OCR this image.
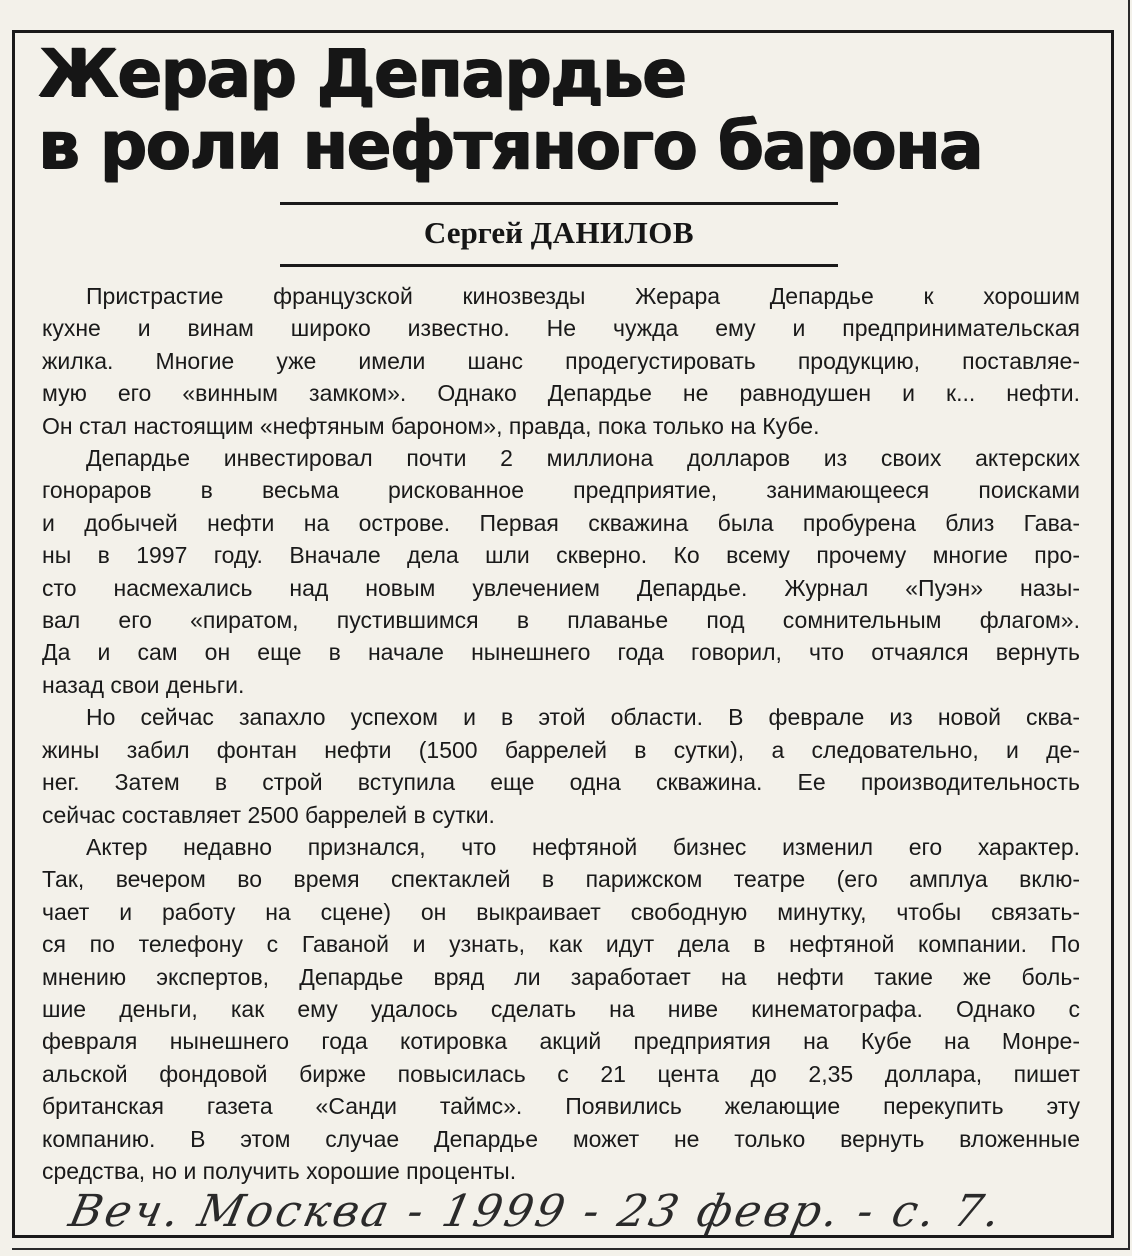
Жерар Депардье
в роли нефтяного барона
Сергей ДАНИЛОВ

Пристрастие французской кинозвезды Жерара Депардье к хорошим
кухне и винам широко известно. Не чужда ему и предпринимательская
жилка. Многие уже имели шанс продегустировать продукцию, поставляе-
мую его «винным замком». Однако Депардье не равнодушен и к... нефти.
Он стал настоящим «нефтяным бароном», правда, пока только на Кубе.

Депардье инвестировал почти 2 миллиона долларов из своих актерских
гонораров в весьма рискованное предприятие, занимающееся поисками
и добычей нефти на острове. Первая скважина была пробурена близ Гава-
ны в 1997 году. Вначале дела шли скверно. Ко всему прочему многие про-
сто насмехались над новым увлечением Депардье. Журнал «Пуэн» назы-
вал его «пиратом, пустившимся в плаванье под сомнительным флагом».
Да и сам он еще в начале нынешнего года говорил, что отчаялся вернуть
назад свои деньги.

Но сейчас запахло успехом и в этой области. В феврале из новой сква-
жины забил фонтан нефти (1500 баррелей в сутки), а следовательно, и де-
нег. Затем в строй вступила еще одна скважина. Ее производительность
сейчас составляет 2500 баррелей в сутки.

Актер недавно признался, что нефтяной бизнес изменил его характер.
Так, вечером во время спектаклей в парижском театре (его амплуа вклю-
чает и работу на сцене) он выкраивает свободную минутку, чтобы связать-
ся по телефону с Гаваной и узнать, как идут дела в нефтяной компании. По
мнению экспертов, Депардье вряд ли заработает на нефти такие же боль-
шие деньги, как ему удалось сделать на ниве кинематографа. Однако с
февраля нынешнего года котировка акций предприятия на Кубе на Монре-
альской фондовой бирже повысилась с 21 цента до 2,35 доллара, пишет
британская газета «Санди таймс». Появились желающие перекупить эту
компанию. В этом случае Депардье может не только вернуть вложенные
средства, но и получить хорошие проценты.

Веч. Москва - 1999 - 23 февр. - с. 7.
